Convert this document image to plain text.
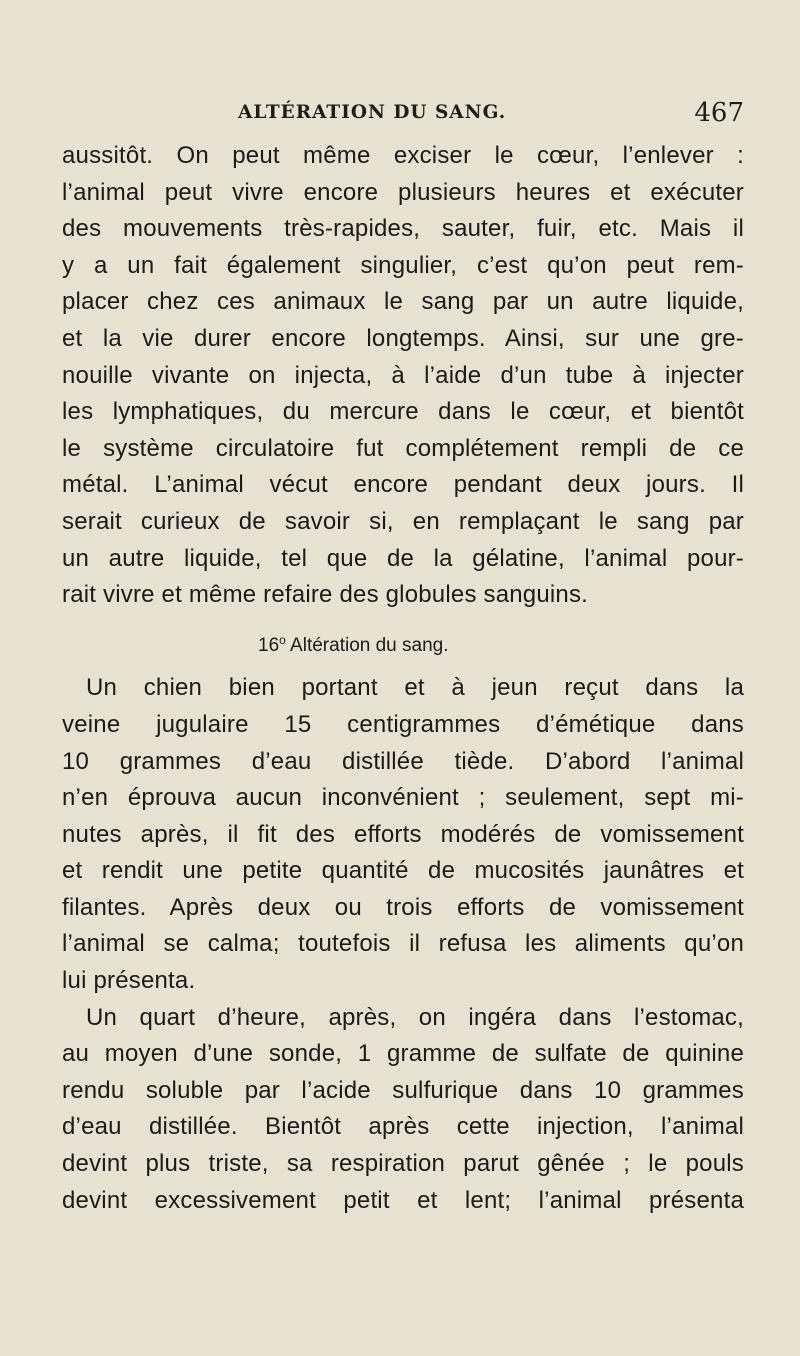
ALTÉRATION DU SANG.	467
aussitôt. On peut même exciser le cœur, l’enlever :
l’animal peut vivre encore plusieurs heures et exécuter
des mouvements très-rapides, sauter, fuir, etc. Mais il
y a un fait également singulier, c’est qu’on peut rem-
placer chez ces animaux le sang par un autre liquide,
et la vie durer encore longtemps. Ainsi, sur une gre-
nouille vivante on injecta, à l’aide d’un tube à injecter
les lymphatiques, du mercure dans le cœur, et bientôt
le système circulatoire fut complétement rempli de ce
métal. L’animal vécut encore pendant deux jours. Il
serait curieux de savoir si, en remplaçant le sang par
un autre liquide, tel que de la gélatine, l’animal pour-
rait vivre et même refaire des globules sanguins.
16$^o$ Altération du sang.
Un chien bien portant et à jeun reçut dans la
veine jugulaire 15 centigrammes d’émétique dans
10 grammes d’eau distillée tiède. D’abord l’animal
n’en éprouva aucun inconvénient ; seulement, sept mi-
nutes après, il fit des efforts modérés de vomissement
et rendit une petite quantité de mucosités jaunâtres et
filantes. Après deux ou trois efforts de vomissement
l’animal se calma; toutefois il refusa les aliments qu’on
lui présenta.
Un quart d’heure, après, on ingéra dans l’estomac,
au moyen d’une sonde, 1 gramme de sulfate de quinine
rendu soluble par l’acide sulfurique dans 10 grammes
d’eau distillée. Bientôt après cette injection, l’animal
devint plus triste, sa respiration parut gênée ; le pouls
devint excessivement petit et lent; l’animal présenta
